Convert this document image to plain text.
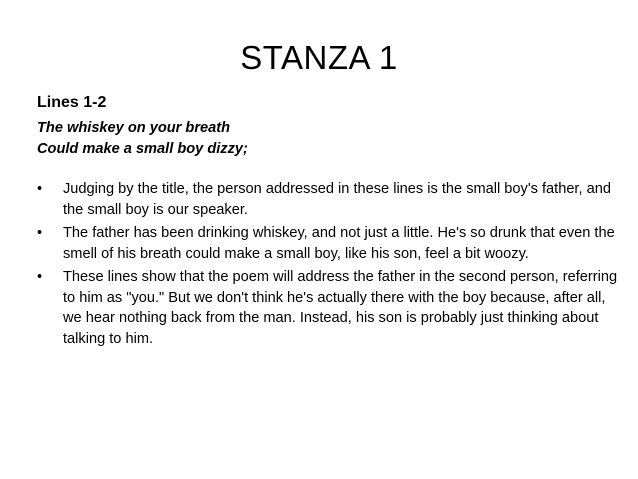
STANZA 1
Lines 1-2

The whiskey on your breath

Could make a small boy dizzy;

•	Judging by the title, the person addressed in these lines is the small boy's father, and the small boy is our speaker.
•	The father has been drinking whiskey, and not just a little. He's so drunk that even the smell of his breath could make a small boy, like his son, feel a bit woozy.
•	These lines show that the poem will address the father in the second person, referring to him as "you." But we don't think he's actually there with the boy because, after all, we hear nothing back from the man. Instead, his son is probably just thinking about talking to him.
